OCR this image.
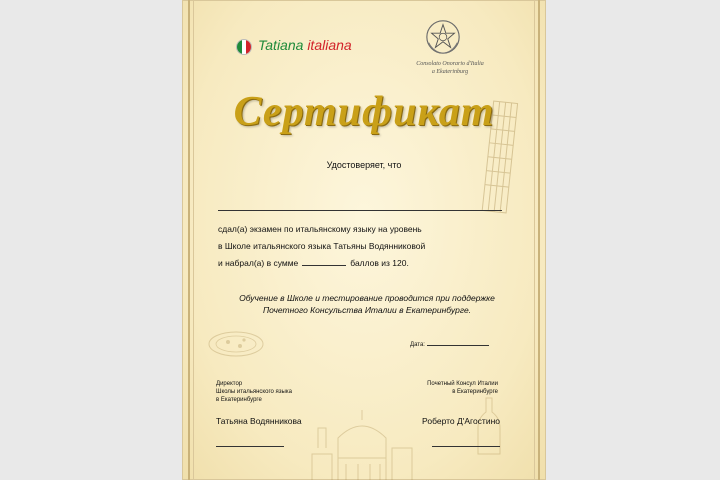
Tatiana italiana
Consolato Onorario d'Italia
a Ekaterinburg
Сертификат
Удостоверяет, что
сдал(а) экзамен по итальянскому языку на уровень
в Школе итальянского языка Татьяны Водянниковой
и набрал(а) в сумме	баллов из 120.
Обучение в Школе и тестирование проводится при поддержке
Почетного Консульства Италии в Екатеринбурге.
Дата:
Директор
Школы итальянского языка
в Екатеринбурге
Почетный Консул Италии
в Екатеринбурге
Татьяна Водянникова	Роберто Д'Агостино
